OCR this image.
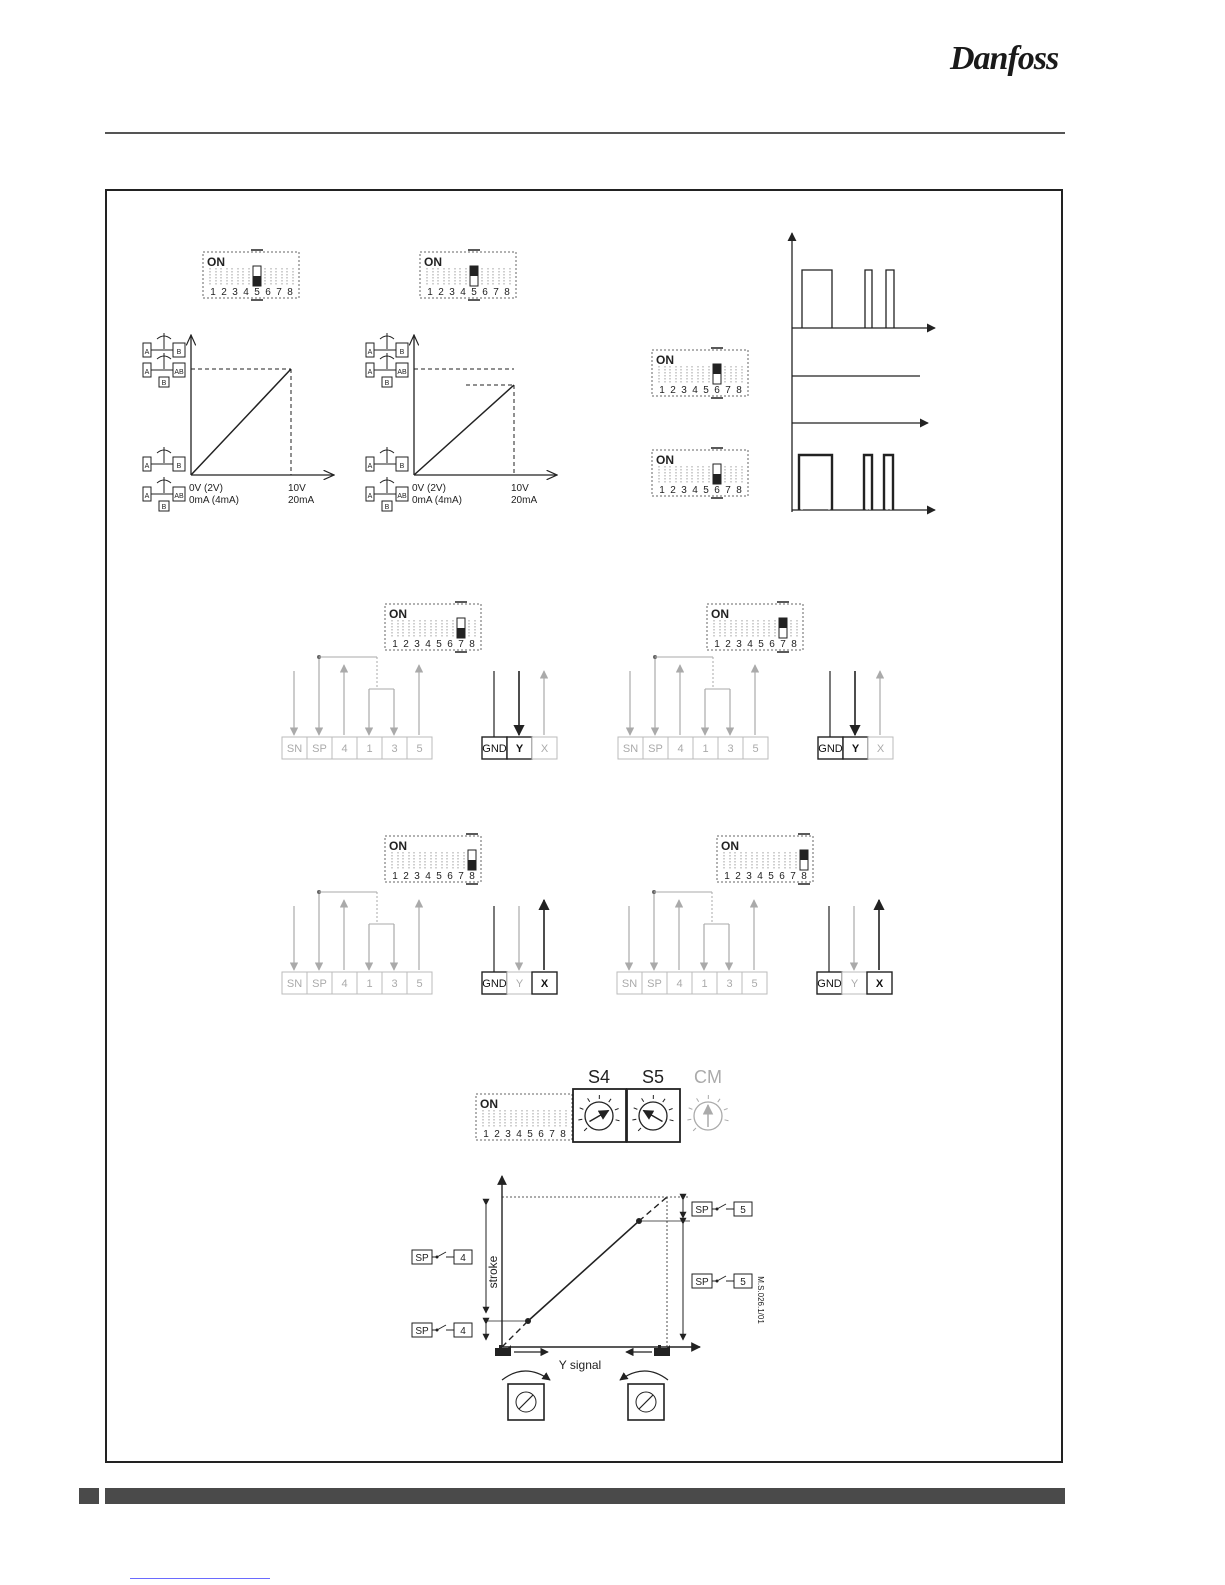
Danfoss
ON
1 2 3 4 5 6 7 8
ON
1 2 3 4 5 6 7 8
ON
1 2 3 4 5 6 7 8
ON
1 2 3 4 5 6 7 8
ON
1 2 3 4 5 6 7 8
ON
1 2 3 4 5 6 7 8
ON
1 2 3 4 5 6 7 8
ON
1 2 3 4 5 6 7 8
ON
1 2 3 4 5 6 7 8
A	B
A	AB
B
A	B
A	AB
B
0V (2V)
0mA (4mA)
10V
20mA
A	B
A	AB
B
A	B
A	AB
B
0V (2V)
0mA (4mA)
10V
20mA
SN SP 4 1 3 5	GND Y X	SN SP 4 1 3 5	GND Y X
SN SP 4 1 3 5	GND Y X	SN SP 4 1 3 5	GND Y X
S4 S5 CM
stroke
Y signal
M.S.026.1/01
SP	4
SP	4
SP	5
SP	5
